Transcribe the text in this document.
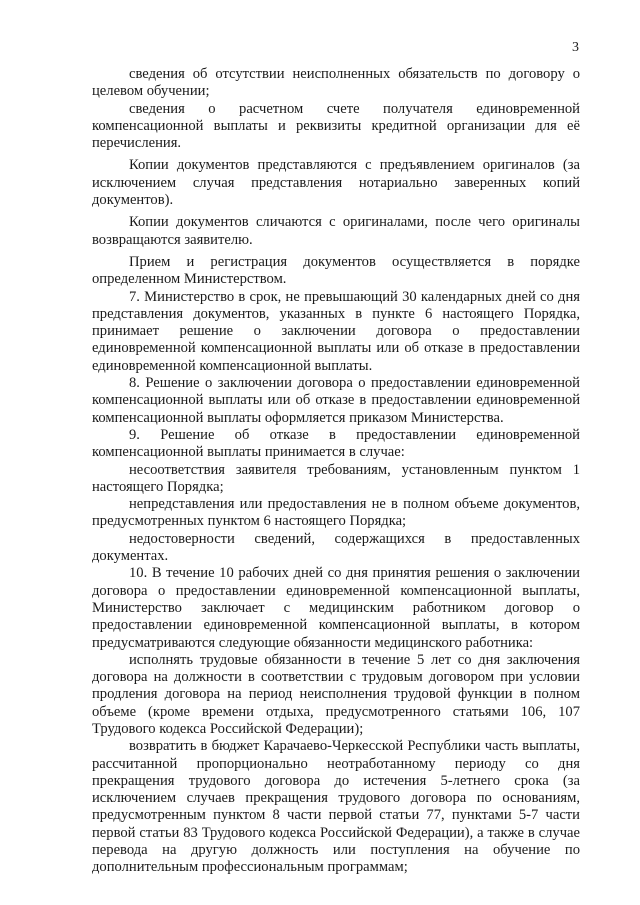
3

сведения об отсутствии неисполненных обязательств по договору о целевом обучении;

сведения о расчетном счете получателя единовременной компенсационной выплаты и реквизиты кредитной организации для её перечисления.

Копии документов представляются с предъявлением оригиналов (за исключением случая представления нотариально заверенных копий документов).

Копии документов сличаются с оригиналами, после чего оригиналы возвращаются заявителю.

Прием и регистрация документов осуществляется в порядке определенном Министерством.

7. Министерство в срок, не превышающий 30 календарных дней со дня представления документов, указанных в пункте 6 настоящего Порядка, принимает решение о заключении договора о предоставлении единовременной компенсационной выплаты или об отказе в предоставлении единовременной компенсационной выплаты.

8. Решение о заключении договора о предоставлении единовременной компенсационной выплаты или об отказе в предоставлении единовременной компенсационной выплаты оформляется приказом Министерства.

9. Решение об отказе в предоставлении единовременной компенсационной выплаты принимается в случае:

несоответствия заявителя требованиям, установленным пунктом 1 настоящего Порядка;

непредставления или предоставления не в полном объеме документов, предусмотренных пунктом 6 настоящего Порядка;

недостоверности сведений, содержащихся в предоставленных документах.

10. В течение 10 рабочих дней со дня принятия решения о заключении договора о предоставлении единовременной компенсационной выплаты, Министерство заключает с медицинским работником договор о предоставлении единовременной компенсационной выплаты, в котором предусматриваются следующие обязанности медицинского работника:

исполнять трудовые обязанности в течение 5 лет со дня заключения договора на должности в соответствии с трудовым договором при условии продления договора на период неисполнения трудовой функции в полном объеме (кроме времени отдыха, предусмотренного статьями 106, 107 Трудового кодекса Российской Федерации);

возвратить в бюджет Карачаево-Черкесской Республики часть выплаты, рассчитанной пропорционально неотработанному периоду со дня прекращения трудового договора до истечения 5-летнего срока (за исключением случаев прекращения трудового договора по основаниям, предусмотренным пунктом 8 части первой статьи 77, пунктами 5-7 части первой статьи 83 Трудового кодекса Российской Федерации), а также в случае перевода на другую должность или поступления на обучение по дополнительным профессиональным программам;
